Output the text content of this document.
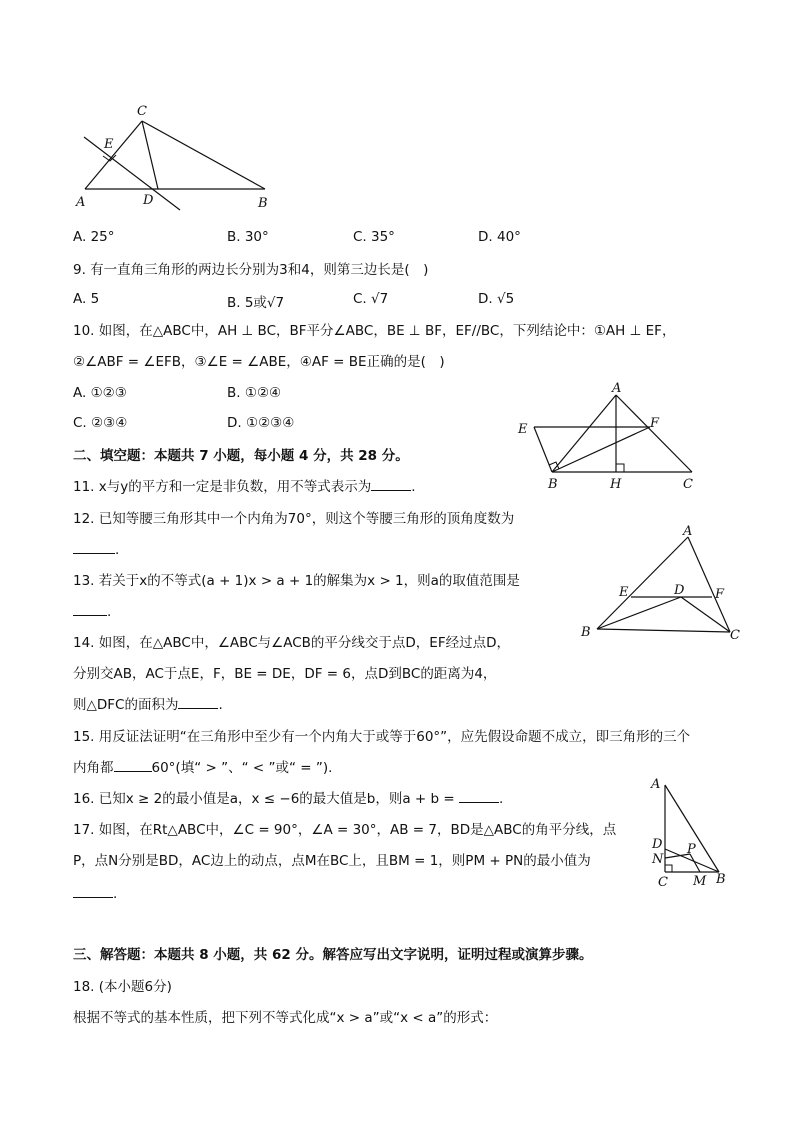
C
E
A	D	B
A. 25°	B. 30°	C. 35°	D. 40°
9. 有一直角三角形的两边长分别为3和4，则第三边长是(　)
A. 5	B. 5或√7	C. √7	D. √5
10. 如图，在△ABC中，AH ⊥ BC，BF平分∠ABC，BE ⊥ BF，EF//BC，下列结论中：①AH ⊥ EF，
②∠ABF = ∠EFB，③∠E = ∠ABE，④AF = BE正确的是(　)
A. ①②③	B. ①②④
C. ②③④	D. ①②③④
A
E	F
B	H	C
二、填空题：本题共 7 小题，每小题 4 分，共 28 分。
11. x与y的平方和一定是非负数，用不等式表示为	.
12. 已知等腰三角形其中一个内角为70°，则这个等腰三角形的顶角度数为
.
13. 若关于x的不等式(a + 1)x > a + 1的解集为x > 1，则a的取值范围是
.
A
E	D F
B	C
14. 如图，在△ABC中，∠ABC与∠ACB的平分线交于点D，EF经过点D，
分别交AB，AC于点E，F，BE = DE，DF = 6，点D到BC的距离为4，
则△DFC的面积为	.
15. 用反证法证明“在三角形中至少有一个内角大于或等于60°”，应先假设命题不成立，即三角形的三个
内角都	60°(填“ > ”、“ < ”或“ = ”).
16. 已知x ≥ 2的最小值是a，x ≤ −6的最大值是b，则a + b =	.
A
D
N
P
C M B
17. 如图，在Rt△ABC中，∠C = 90°，∠A = 30°，AB = 7，BD是△ABC的角平分线，点
P，点N分别是BD，AC边上的动点，点M在BC上，且BM = 1，则PM + PN的最小值为
.
三、解答题：本题共 8 小题，共 62 分。解答应写出文字说明，证明过程或演算步骤。
18. (本小题6分)
根据不等式的基本性质，把下列不等式化成“x > a”或“x < a”的形式：
